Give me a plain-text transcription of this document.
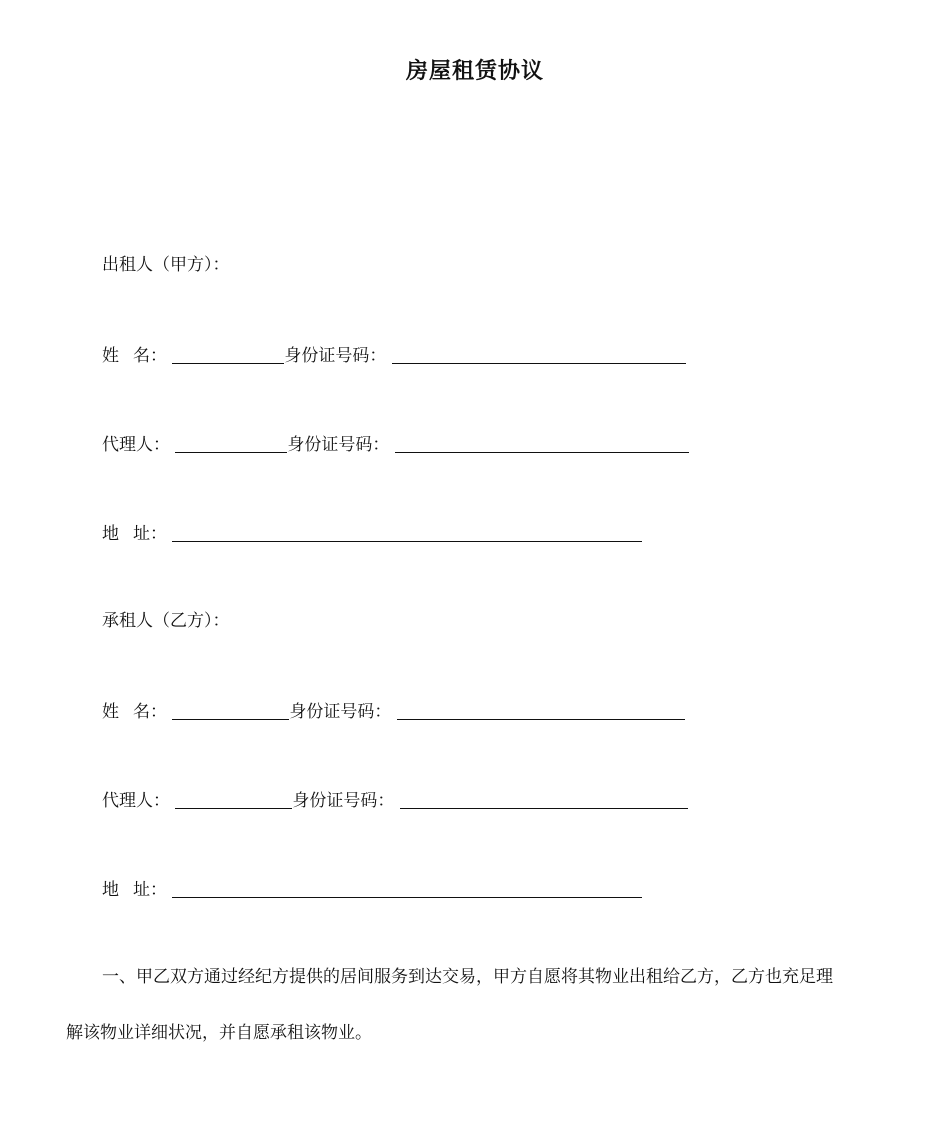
房屋租赁协议
出租人（甲方）：
姓 名：	身份证号码：
代理人：	身份证号码：
地 址：
承租人（乙方）：
姓 名：	身份证号码：
代理人：	身份证号码：
地 址：
一、甲乙双方通过经纪方提供的居间服务到达交易，甲方自愿将其物业出租给乙方，乙方也充足理
解该物业详细状况，并自愿承租该物业。
